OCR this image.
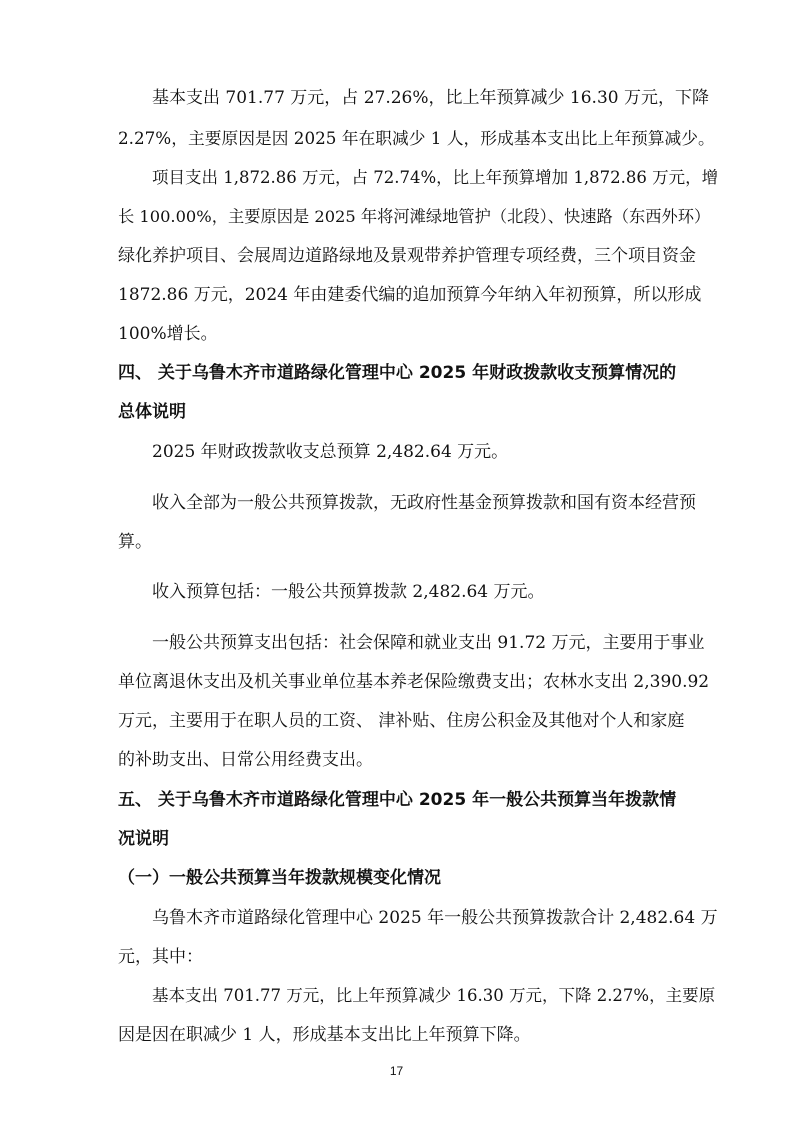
基本支出 701.77 万元，占 27.26%，比上年预算减少 16.30 万元，下降

2.27%，主要原因是因 2025 年在职减少 1 人，形成基本支出比上年预算减少。

项目支出 1,872.86 万元，占 72.74%，比上年预算增加 1,872.86 万元，增

长 100.00%，主要原因是 2025 年将河滩绿地管护（北段）、快速路（东西外环）

绿化养护项目、会展周边道路绿地及景观带养护管理专项经费，三个项目资金

1872.86 万元，2024 年由建委代编的追加预算今年纳入年初预算，所以形成

100%增长。

四、 关于乌鲁木齐市道路绿化管理中心 2025 年财政拨款收支预算情况的

总体说明

2025 年财政拨款收支总预算 2,482.64 万元。

收入全部为一般公共预算拨款，无政府性基金预算拨款和国有资本经营预

算。

收入预算包括：一般公共预算拨款 2,482.64 万元。

一般公共预算支出包括：社会保障和就业支出 91.72 万元，主要用于事业

单位离退休支出及机关事业单位基本养老保险缴费支出；农林水支出 2,390.92

万元，主要用于在职人员的工资、 津补贴、住房公积金及其他对个人和家庭

的补助支出、日常公用经费支出。

五、 关于乌鲁木齐市道路绿化管理中心 2025 年一般公共预算当年拨款情

况说明

（一）一般公共预算当年拨款规模变化情况

乌鲁木齐市道路绿化管理中心 2025 年一般公共预算拨款合计 2,482.64 万

元，其中：

基本支出 701.77 万元，比上年预算减少 16.30 万元，下降 2.27%，主要原

因是因在职减少 1 人，形成基本支出比上年预算下降。

17
